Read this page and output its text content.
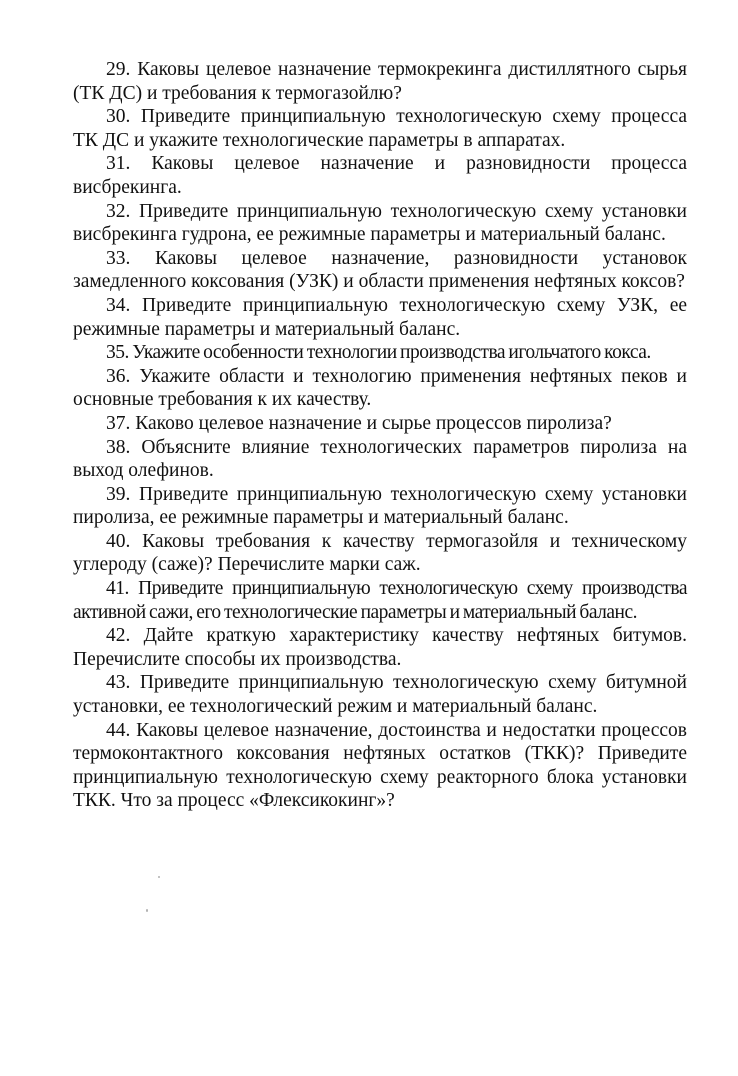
29. Каковы целевое назначение термокрекинга дистиллятного сырья (ТК ДС) и требования к термогазойлю?

30. Приведите принципиальную технологическую схему процесса ТК ДС и укажите технологические параметры в аппаратах.

31. Каковы целевое назначение и разновидности процесса висбрекинга.

32. Приведите принципиальную технологическую схему установки висбрекинга гудрона, ее режимные параметры и материальный баланс.

33. Каковы целевое назначение, разновидности установок замедленного коксования (УЗК) и области применения нефтяных коксов?

34. Приведите принципиальную технологическую схему УЗК, ее режимные параметры и материальный баланс.

35. Укажите особенности технологии производства игольчатого кокса.

36. Укажите области и технологию применения нефтяных пеков и основные требования к их качеству.

37. Каково целевое назначение и сырье процессов пиролиза?

38. Объясните влияние технологических параметров пиролиза на выход олефинов.

39. Приведите принципиальную технологическую схему установки пиролиза, ее режимные параметры и материальный баланс.

40. Каковы требования к качеству термогазойля и техническому углероду (саже)? Перечислите марки саж.

41. Приведите принципиальную технологическую схему производства активной сажи, его технологические параметры и материальный баланс.

42. Дайте краткую характеристику качеству нефтяных битумов. Перечислите способы их производства.

43. Приведите принципиальную технологическую схему битумной установки, ее технологический режим и материальный баланс.

44. Каковы целевое назначение, достоинства и недостатки процессов термоконтактного коксования нефтяных остатков (ТКК)? Приведите принципиальную технологическую схему реакторного блока установки ТКК. Что за процесс «Флексикокинг»?
